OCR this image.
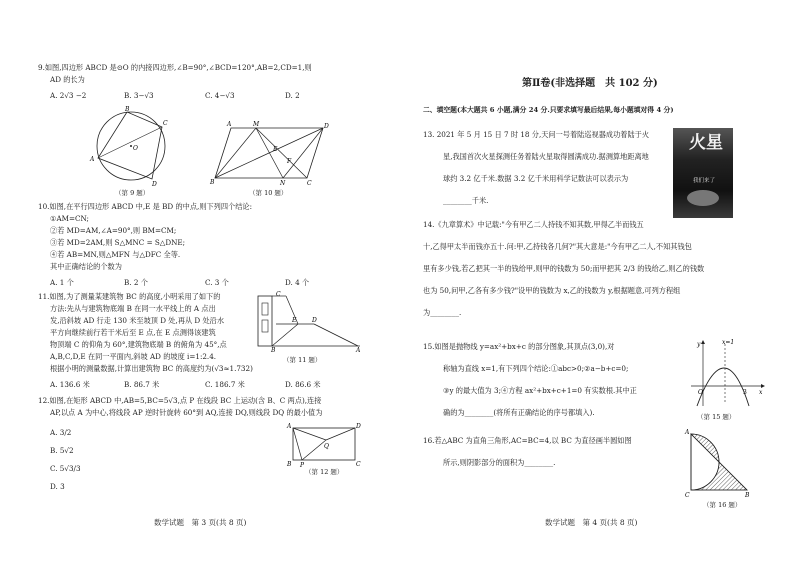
9.如图,四边形 ABCD 是⊙O 的内接四边形,∠B=90°,∠BCD=120°,AB=2,CD=1,则
AD 的长为
A. 2√3 −2	B. 3−√3	C. 4−√3	D. 2
B
C
A
D
O
（第 9 题）
A	M	D
E
F
B	N	C
（第 10 题）
10.如图,在平行四边形 ABCD 中,E 是 BD 的中点,则下列四个结论:
①AM=CN;
②若 MD=AM,∠A=90°,则 BM=CM;
③若 MD=2AM,则 S△MNC = S△DNE;
④若 AB=MN,则△MFN 与△DFC 全等.
其中正确结论的个数为
A. 1 个	B. 2 个	C. 3 个	D. 4 个
11.如图,为了测量某建筑物 BC 的高度,小明采用了如下的
方法:先从与建筑物底端 B 在同一水平线上的 A 点出
发,沿斜坡 AD 行走 130 米至坡顶 D 处,再从 D 处沿水
平方向继续前行若干米后至 E 点,在 E 点测得该建筑
物顶端 C 的仰角为 60°,建筑物底端 B 的俯角为 45°,点
A,B,C,D,E 在同一平面内,斜坡 AD 的坡度 i=1:2.4.
根据小明的测量数据,计算出建筑物 BC 的高度约为(√3≈1.732)
A. 136.6 米	B. 86.7 米	C. 186.7 米	D. 86.6 米
C
E	D
B	A
（第 11 题）
12.如图,在矩形 ABCD 中,AB=5,BC=5√3,点 P 在线段 BC 上运动(含 B、C 两点),连接
AP,以点 A 为中心,将线段 AP 逆时针旋转 60°到 AQ,连接 DQ,则线段 DQ 的最小值为
A. 3/2
B. 5√2
C. 5√3/3
D. 3
A	D
Q
B P	C
（第 12 题）
数学试题　第 3 页(共 8 页)
第Ⅱ卷(非选择题　共 102 分)
二、填空题(本大题共 6 小题,满分 24 分.只要求填写最后结果,每小题填对得 4 分)
13. 2021 年 5 月 15 日 7 时 18 分,天问一号着陆巡视器成功着陆于火
星,我国首次火星探测任务着陆火星取得圆满成功.据测算地距离地
球约 3.2 亿千米.数据 3.2 亿千米用科学记数法可以表示为
________千米.
火星
我们来了
14.《九章算术》中记载:"今有甲乙二人持钱不知其数,甲得乙半而钱五
十,乙得甲太半而钱亦五十.问:甲,乙持钱各几何?"其大意是:"今有甲乙二人,不知其钱包
里有多少钱,若乙把其一半的钱给甲,则甲的钱数为 50;而甲把其 2/3 的钱给乙,则乙的钱数
也为 50,问甲,乙各有多少钱?"设甲的钱数为 x,乙的钱数为 y,根据题意,可列方程组
为________.
15.如图是抛物线 y=ax²+bx+c 的部分图象,其顶点(3,0),对
称轴为直线 x=1,有下列四个结论:①abc>0;②a−b+c=0;
③y 的最大值为 3;④方程 ax²+bx+c+1=0 有实数根.其中正
确的为________(将所有正确结论的序号都填入).
y	x=1
x
O	3
（第 15 题）
16.若△ABC 为直角三角形,AC=BC=4,以 BC 为直径画半圆如图
所示,则阴影部分的面积为________.
A
C	B
（第 16 题）
数学试题　第 4 页(共 8 页)
